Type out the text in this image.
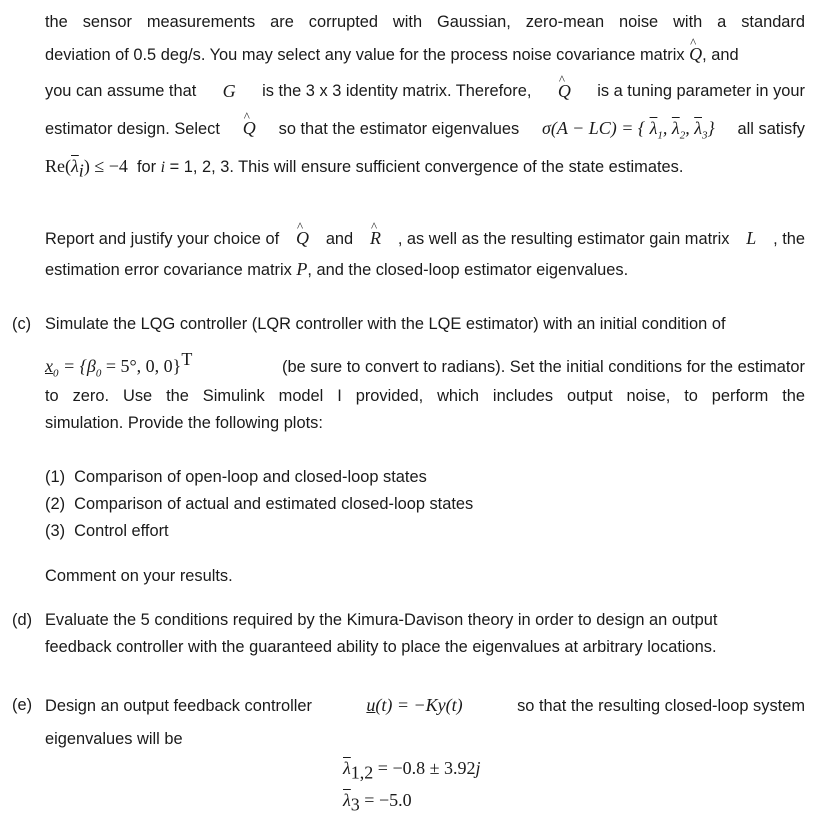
the sensor measurements are corrupted with Gaussian, zero-mean noise with a standard
deviation of 0.5 deg/s. You may select any value for the process noise covariance matrix ^ Q, and
you can assume that G is the 3 x 3 identity matrix. Therefore, ^ Q is a tuning parameter in your
estimator design. Select ^ Q so that the estimator eigenvalues σ(A − LC) = { $\overline{\lambda}_1$, $\overline{\lambda}_2$, $\overline{\lambda}_3$} all satisfy
$Re(\overline{\lambda}_i) \le -4$ for i = 1, 2, 3. This will ensure sufficient convergence of the state estimates.
Report and justify your choice of ^ Q and ^ R , as well as the resulting estimator gain matrix L , the
estimation error covariance matrix P, and the closed-loop estimator eigenvalues.
(c) Simulate the LQG controller (LQR controller with the LQE estimator) with an initial condition of
$x_0 = \{\beta_0 = 5^\circ$, 0, 0}$^T$	(be sure to convert to radians). Set the initial conditions for the estimator
to zero. Use the Simulink model I provided, which includes output noise, to perform the
simulation. Provide the following plots:
(1) Comparison of open-loop and closed-loop states
(2) Comparison of actual and estimated closed-loop states
(3) Control effort
Comment on your results.
(d) Evaluate the 5 conditions required by the Kimura-Davison theory in order to design an output
feedback controller with the guaranteed ability to place the eigenvalues at arbitrary locations.
(e) Design an output feedback controller	u(t) = −Ky(t)	so that the resulting closed-loop system
eigenvalues will be
$\overline{\lambda}_{1,2} = -0.8 \pm 3.92j$
$\overline{\lambda}_3 = -5.0$
